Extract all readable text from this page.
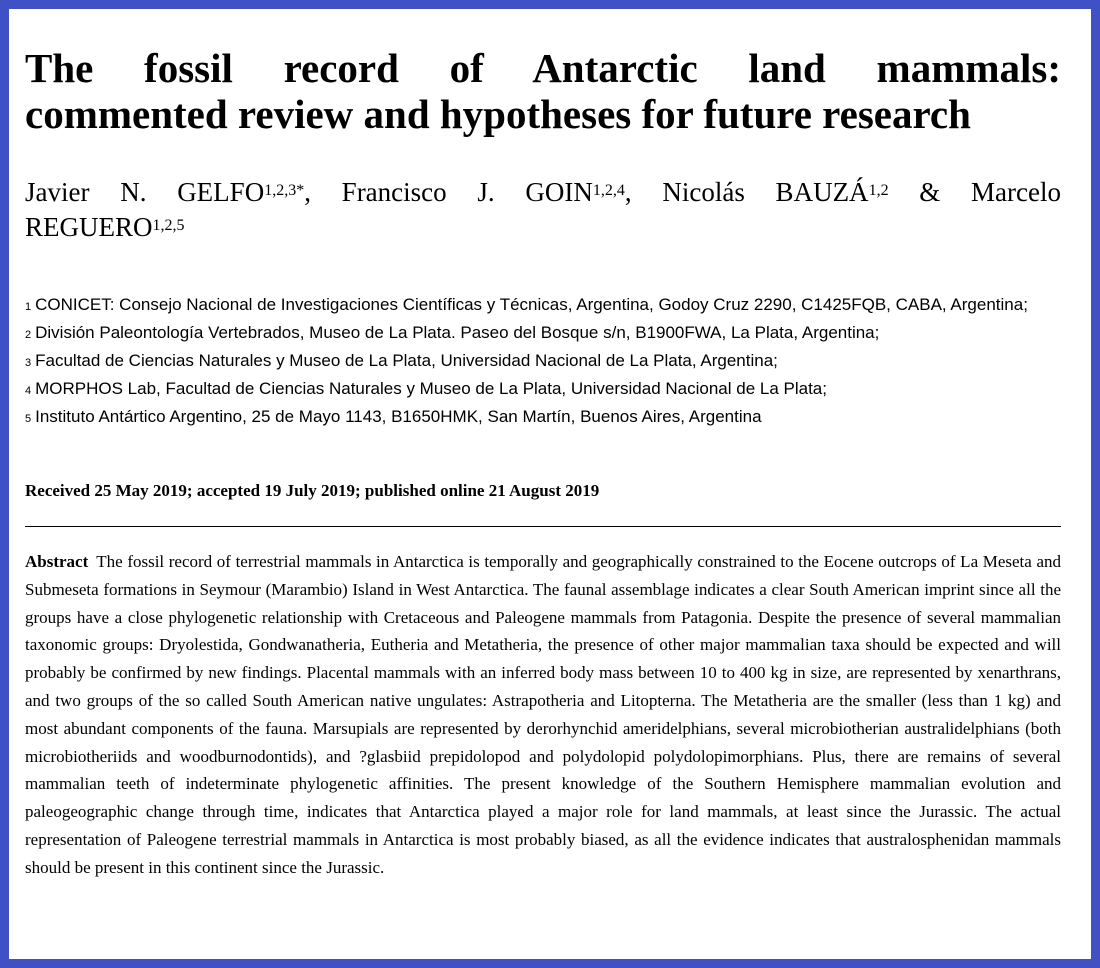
The fossil record of Antarctic land mammals:
commented review and hypotheses for future research
Javier N. $GELFO^{1,2,3*}$, Francisco J. GOIN$^{1,2,4}$, Nicolás BAUZÁ$^{1,2}$ & Marcelo
REGUERO$^{1,2,5}$
$^1$ CONICET: Consejo Nacional de Investigaciones Científicas y Técnicas, Argentina, Godoy Cruz 2290, C1425FQB, CABA, Argentina;
$^2$ División Paleontología Vertebrados, Museo de La Plata. Paseo del Bosque s/n, B1900FWA, La Plata, Argentina;
$^3$ Facultad de Ciencias Naturales y Museo de La Plata, Universidad Nacional de La Plata, Argentina;
$^4$ MORPHOS Lab, Facultad de Ciencias Naturales y Museo de La Plata, Universidad Nacional de La Plata;
$^5$ Instituto Antártico Argentino, 25 de Mayo 1143, B1650HMK, San Martín, Buenos Aires, Argentina
Received 25 May 2019; accepted 19 July 2019; published online 21 August 2019

Abstract The fossil record of terrestrial mammals in Antarctica is temporally and geographically constrained to the Eocene outcrops of La Meseta and Submeseta formations in Seymour (Marambio) Island in West Antarctica. The faunal assemblage indicates a clear South American imprint since all the groups have a close phylogenetic relationship with Cretaceous and Paleogene mammals from Patagonia. Despite the presence of several mammalian taxonomic groups: Dryolestida, Gondwanatheria, Eutheria and Metatheria, the presence of other major mammalian taxa should be expected and will probably be confirmed by new findings. Placental mammals with an inferred body mass between 10 to 400 kg in size, are represented by xenarthrans, and two groups of the so called South American native ungulates: Astrapotheria and Litopterna. The Metatheria are the smaller (less than 1 kg) and most abundant components of the fauna. Marsupials are represented by derorhynchid ameridelphians, several microbiotherian australidelphians (both microbiotheriids and woodburnodontids), and ?glasbiid prepidolopod and polydolopid polydolopimorphians. Plus, there are remains of several mammalian teeth of indeterminate phylogenetic affinities. The present knowledge of the Southern Hemisphere mammalian evolution and paleogeographic change through time, indicates that Antarctica played a major role for land mammals, at least since the Jurassic. The actual representation of Paleogene terrestrial mammals in Antarctica is most probably biased, as all the evidence indicates that australosphenidan mammals should be present in this continent since the Jurassic.
